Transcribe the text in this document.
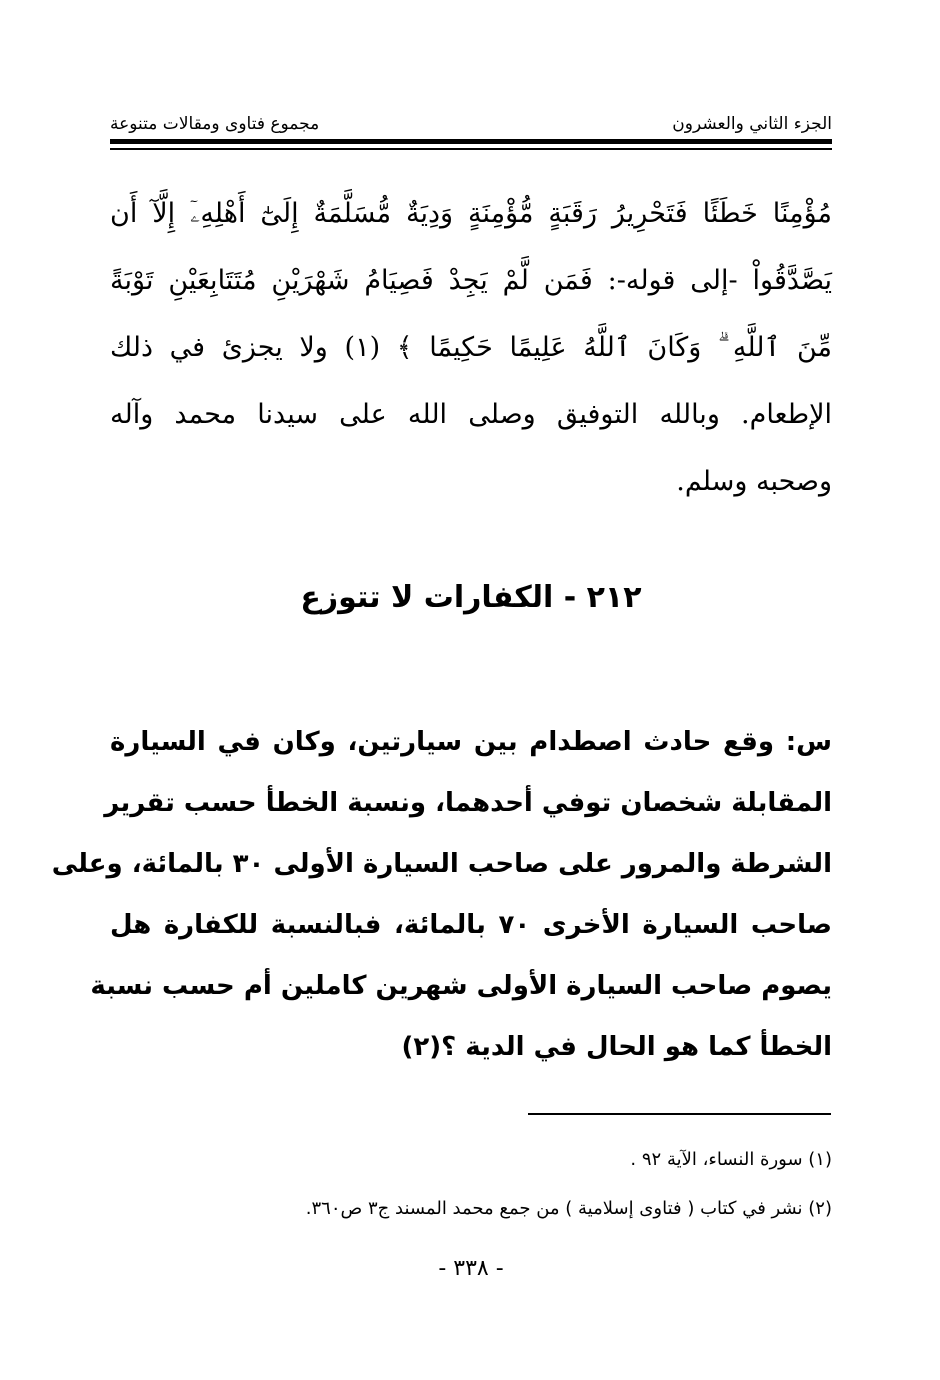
مجموع فتاوى ومقالات متنوعة	الجزء الثاني والعشرون
مُؤْمِنًا خَطَئًا فَتَحْرِيرُ رَقَبَةٍ مُّؤْمِنَةٍ وَدِيَةٌ مُّسَلَّمَةٌ إِلَىٰٓ أَهْلِهِۦٓ إِلَّآ أَن
يَصَّدَّقُواْ -إلى قوله-: فَمَن لَّمْ يَجِدْ فَصِيَامُ شَهْرَيْنِ مُتَتَابِعَيْنِ تَوْبَةً
مِّنَ ٱللَّهِ ۗ وَكَانَ ٱللَّهُ عَلِيمًا حَكِيمًا ﴾ (١) ولا يجزئ في ذلك
الإطعام. وبالله التوفيق وصلى الله على سيدنا محمد وآله
وصحبه وسلم.
٢١٢ - الكفارات لا تتوزع
س: وقع حادث اصطدام بين سيارتين، وكان في السيارة
المقابلة شخصان توفي أحدهما، ونسبة الخطأ حسب تقرير
الشرطة والمرور على صاحب السيارة الأولى ٣٠ بالمائة، وعلى
صاحب السيارة الأخرى ٧٠ بالمائة، فبالنسبة للكفارة هل
يصوم صاحب السيارة الأولى شهرين كاملين أم حسب نسبة
الخطأ كما هو الحال في الدية ؟(٢)

(١) سورة النساء، الآية ٩٢ .

(٢) نشر في كتاب ( فتاوى إسلامية ) من جمع محمد المسند ج٣ ص٣٦٠.

- ٣٣٨ -
